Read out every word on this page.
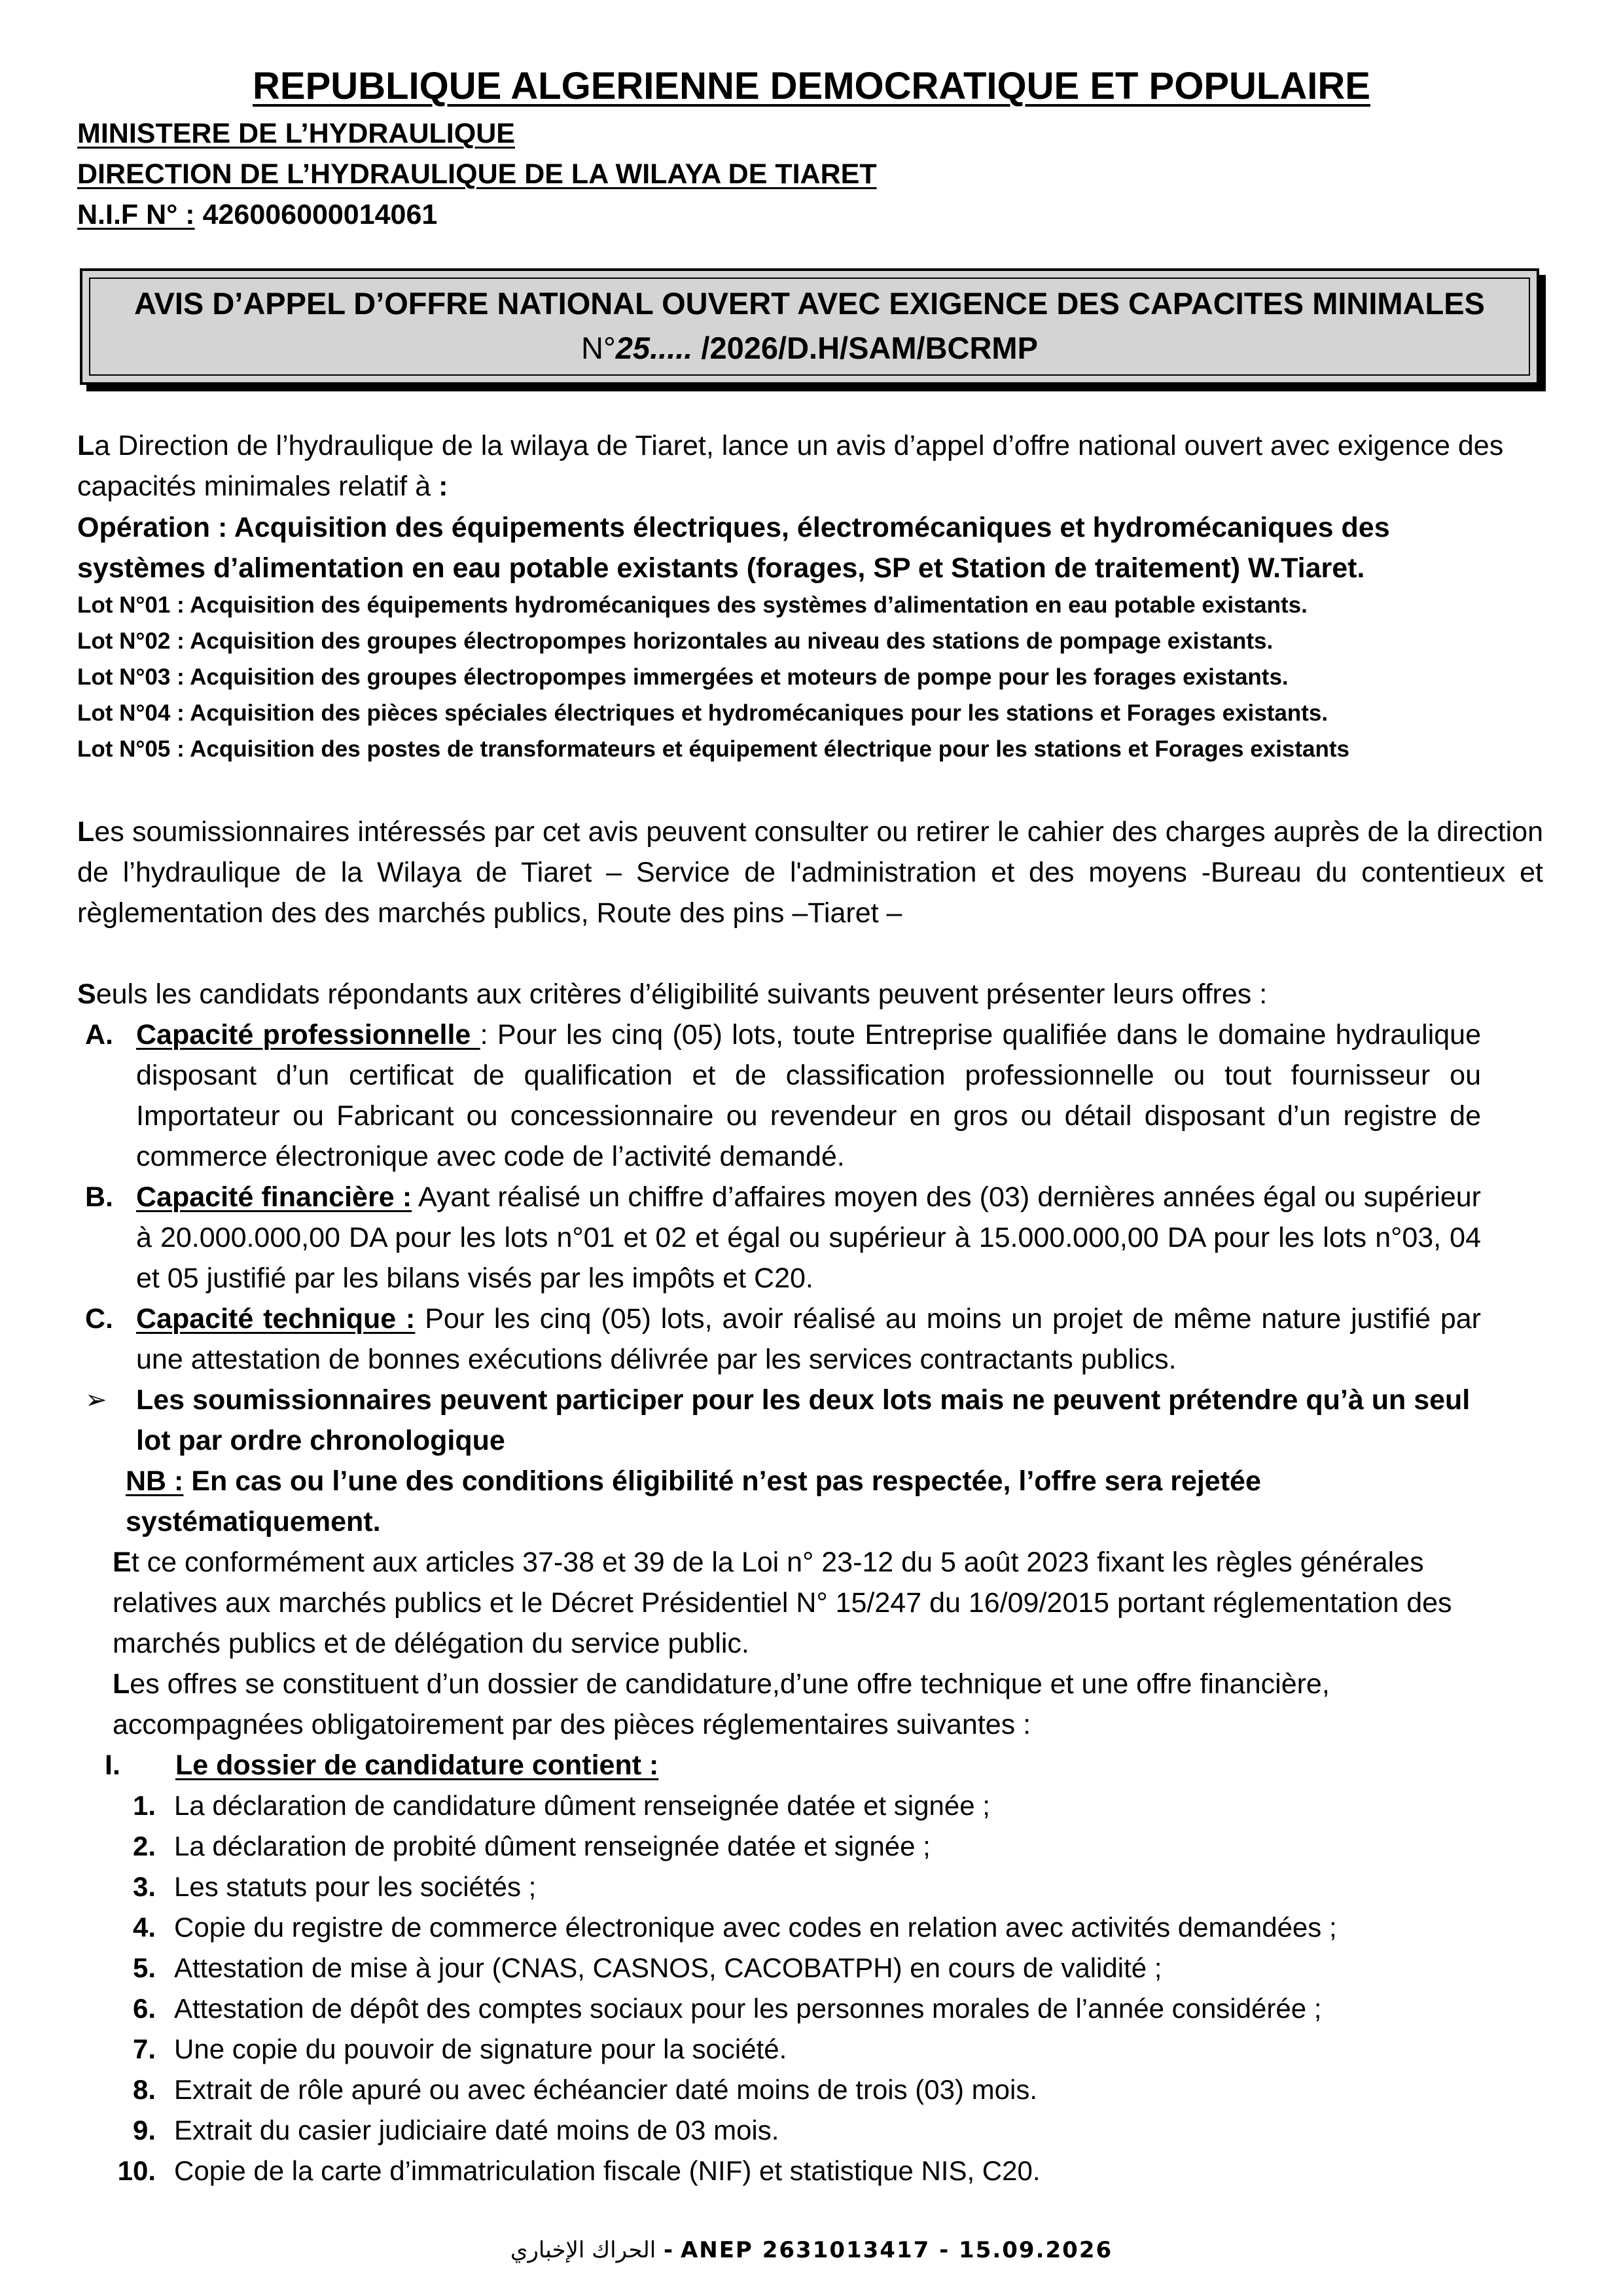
REPUBLIQUE ALGERIENNE DEMOCRATIQUE ET POPULAIRE
MINISTERE DE L’HYDRAULIQUE
DIRECTION DE L’HYDRAULIQUE DE LA WILAYA DE TIARET
N.I.F N° : 426006000014061
AVIS D’APPEL D’OFFRE NATIONAL OUVERT AVEC EXIGENCE DES CAPACITES MINIMALES
N°25..... /2026/D.H/SAM/BCRMP
La Direction de l’hydraulique de la wilaya de Tiaret, lance un avis d’appel d’offre national ouvert avec exigence des capacités minimales relatif à :
Opération : Acquisition des équipements électriques, électromécaniques et hydromécaniques des systèmes d’alimentation en eau potable existants (forages, SP et Station de traitement) W.Tiaret.
Lot N°01 : Acquisition des équipements hydromécaniques des systèmes d’alimentation en eau potable existants.
Lot N°02 : Acquisition des groupes électropompes horizontales au niveau des stations de pompage existants.
Lot N°03 : Acquisition des groupes électropompes immergées et moteurs de pompe pour les forages existants.
Lot N°04 : Acquisition des pièces spéciales électriques et hydromécaniques pour les stations et Forages existants.
Lot N°05 : Acquisition des postes de transformateurs et équipement électrique pour les stations et Forages existants
Les soumissionnaires intéressés par cet avis peuvent consulter ou retirer le cahier des charges auprès de la direction de l’hydraulique de la Wilaya de Tiaret – Service de l'administration et des moyens -Bureau du contentieux et règlementation des des marchés publics, Route des pins –Tiaret –
Seuls les candidats répondants aux critères d’éligibilité suivants peuvent présenter leurs offres :
A. Capacité professionnelle : Pour les cinq (05) lots, toute Entreprise qualifiée dans le domaine hydraulique disposant d’un certificat de qualification et de classification professionnelle ou tout fournisseur ou Importateur ou Fabricant ou concessionnaire ou revendeur en gros ou détail disposant d’un registre de commerce électronique avec code de l’activité demandé.
B. Capacité financière : Ayant réalisé un chiffre d’affaires moyen des (03) dernières années égal ou supérieur à 20.000.000,00 DA pour les lots n°01 et 02 et égal ou supérieur à 15.000.000,00 DA pour les lots n°03, 04 et 05 justifié par les bilans visés par les impôts et C20.
C. Capacité technique : Pour les cinq (05) lots, avoir réalisé au moins un projet de même nature justifié par une attestation de bonnes exécutions délivrée par les services contractants publics.
➢ Les soumissionnaires peuvent participer pour les deux lots mais ne peuvent prétendre qu’à un seul lot par ordre chronologique
NB : En cas ou l’une des conditions éligibilité n’est pas respectée, l’offre sera rejetée systématiquement.
Et ce conformément aux articles 37-38 et 39 de la Loi n° 23-12 du 5 août 2023 fixant les règles générales relatives aux marchés publics et le Décret Présidentiel N° 15/247 du 16/09/2015 portant réglementation des marchés publics et de délégation du service public.
Les offres se constituent d’un dossier de candidature,d’une offre technique et une offre financière, accompagnées obligatoirement par des pièces réglementaires suivantes :
I. Le dossier de candidature contient :
1. La déclaration de candidature dûment renseignée datée et signée ;
2. La déclaration de probité dûment renseignée datée et signée ;
3. Les statuts pour les sociétés ;
4. Copie du registre de commerce électronique avec codes en relation avec activités demandées ;
5. Attestation de mise à jour (CNAS, CASNOS, CACOBATPH) en cours de validité ;
6. Attestation de dépôt des comptes sociaux pour les personnes morales de l’année considérée ;
7. Une copie du pouvoir de signature pour la société.
8. Extrait de rôle apuré ou avec échéancier daté moins de trois (03) mois.
9. Extrait du casier judiciaire daté moins de 03 mois.
10. Copie de la carte d’immatriculation fiscale (NIF) et statistique NIS, C20.
الحراك الإخباري - ANEP 2631013417 - 15.09.2026
